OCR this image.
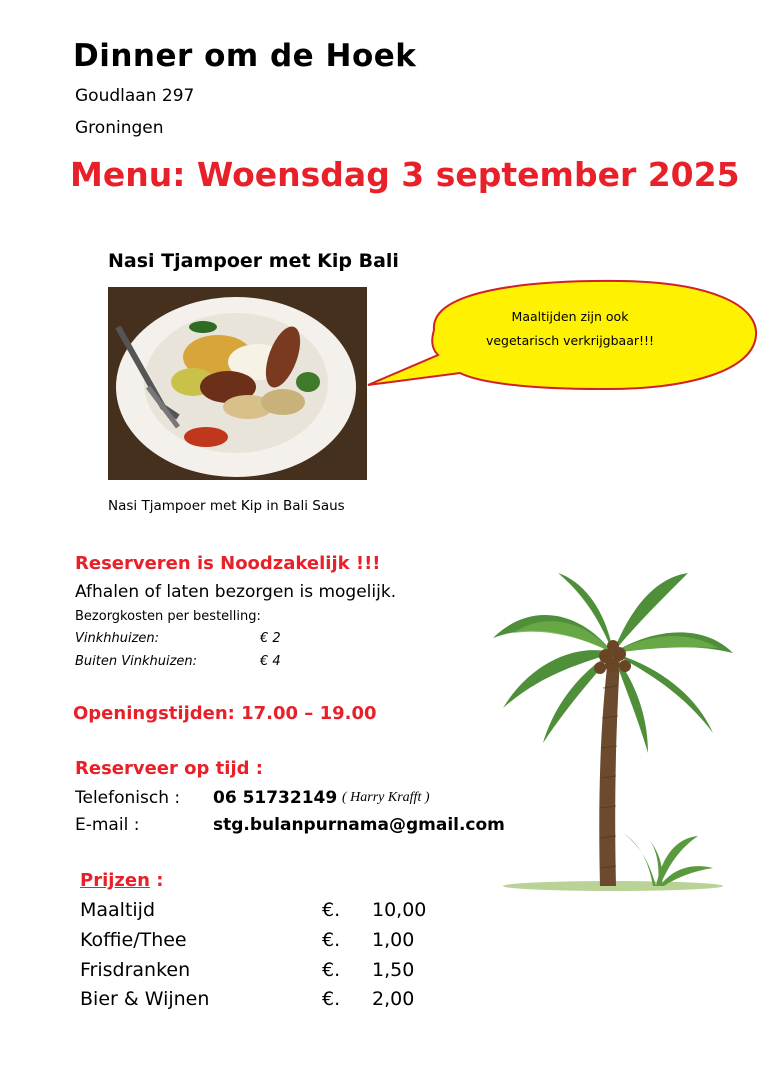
Dinner om de Hoek
Goudlaan 297
Groningen
Menu: Woensdag 3 september 2025
Nasi Tjampoer met Kip Bali
Nasi Tjampoer met Kip in Bali Saus
Maaltijden zijn ook
vegetarisch verkrijgbaar!!!
Reserveren is Noodzakelijk !!!
Afhalen of laten bezorgen is mogelijk.
Bezorgkosten per bestelling:
Vinkhhuizen:	€ 2
Buiten Vinkhuizen:	€ 4
Openingstijden: 17.00 – 19.00
Reserveer op tijd :
Telefonisch : 06 51732149 ( Harry Krafft )
E-mail :	stg.bulanpurnama@gmail.com
Prijzen :
Maaltijd	€. 10,00
Koffie/Thee	€. 1,00
Frisdranken	€. 1,50
Bier & Wijnen	€. 2,00
